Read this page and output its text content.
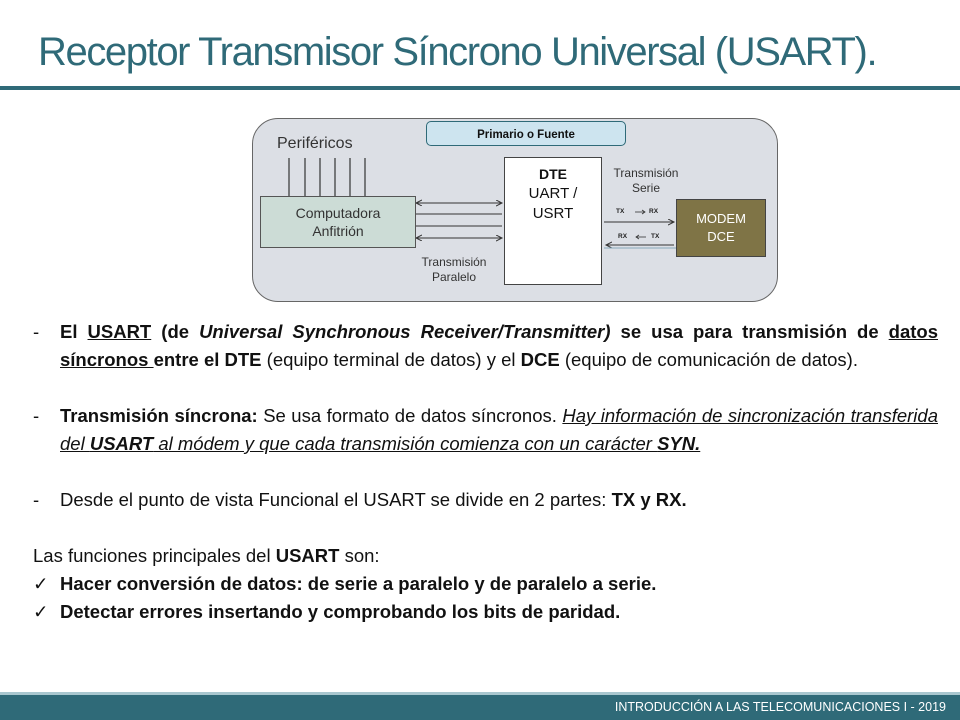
Receptor Transmisor Síncrono Universal (USART).
Primario o Fuente
Periféricos
Computadora
Anfitrión
DTE
UART /
USRT	MODEM
DCE
Transmisión
Serie
Transmisión
Paralelo
TX	RX
RX	TX
- El USART (de Universal Synchronous Receiver/Transmitter) se usa para transmisión de datos síncronos entre el DTE (equipo terminal de datos) y el DCE (equipo de comunicación de datos).
- Transmisión síncrona: Se usa formato de datos síncronos. Hay información de sincronización transferida del USART al módem y que cada transmisión comienza con un carácter SYN.
- Desde el punto de vista Funcional el USART se divide en 2 partes: TX y RX.
Las funciones principales del USART son:
✓ Hacer conversión de datos: de serie a paralelo y de paralelo a serie.
✓ Detectar errores insertando y comprobando los bits de paridad.
INTRODUCCIÓN A LAS TELECOMUNICACIONES I - 2019
